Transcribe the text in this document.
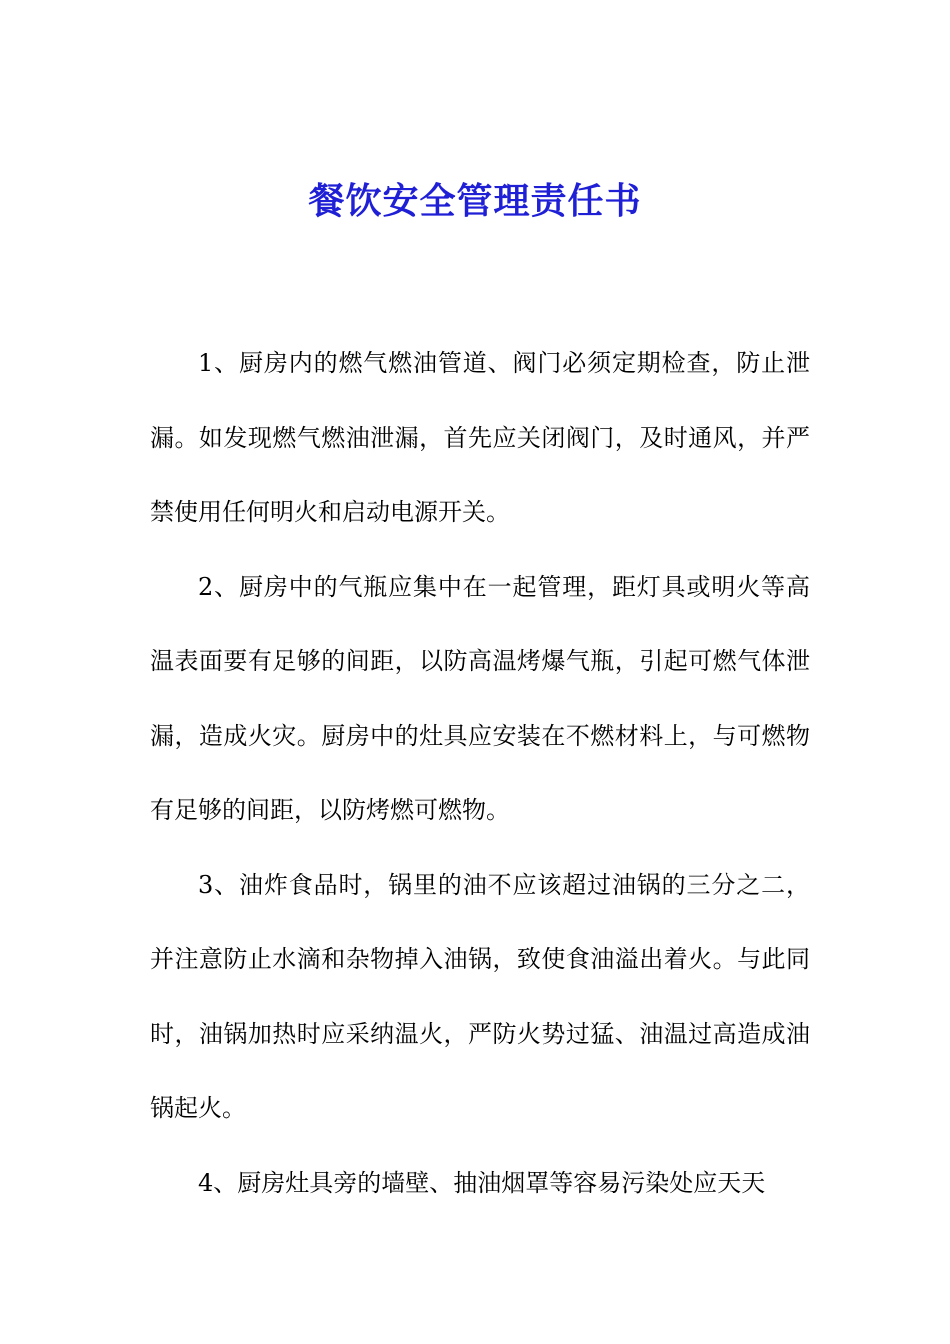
餐饮安全管理责任书

1、厨房内的燃气燃油管道、阀门必须定期检查，防止泄漏。如发现燃气燃油泄漏，首先应关闭阀门，及时通风，并严禁使用任何明火和启动电源开关。

2、厨房中的气瓶应集中在一起管理，距灯具或明火等高温表面要有足够的间距，以防高温烤爆气瓶，引起可燃气体泄漏，造成火灾。厨房中的灶具应安装在不燃材料上，与可燃物有足够的间距，以防烤燃可燃物。

3、油炸食品时，锅里的油不应该超过油锅的三分之二，并注意防止水滴和杂物掉入油锅，致使食油溢出着火。与此同时，油锅加热时应采纳温火，严防火势过猛、油温过高造成油锅起火。

4、厨房灶具旁的墙壁、抽油烟罩等容易污染处应天天
